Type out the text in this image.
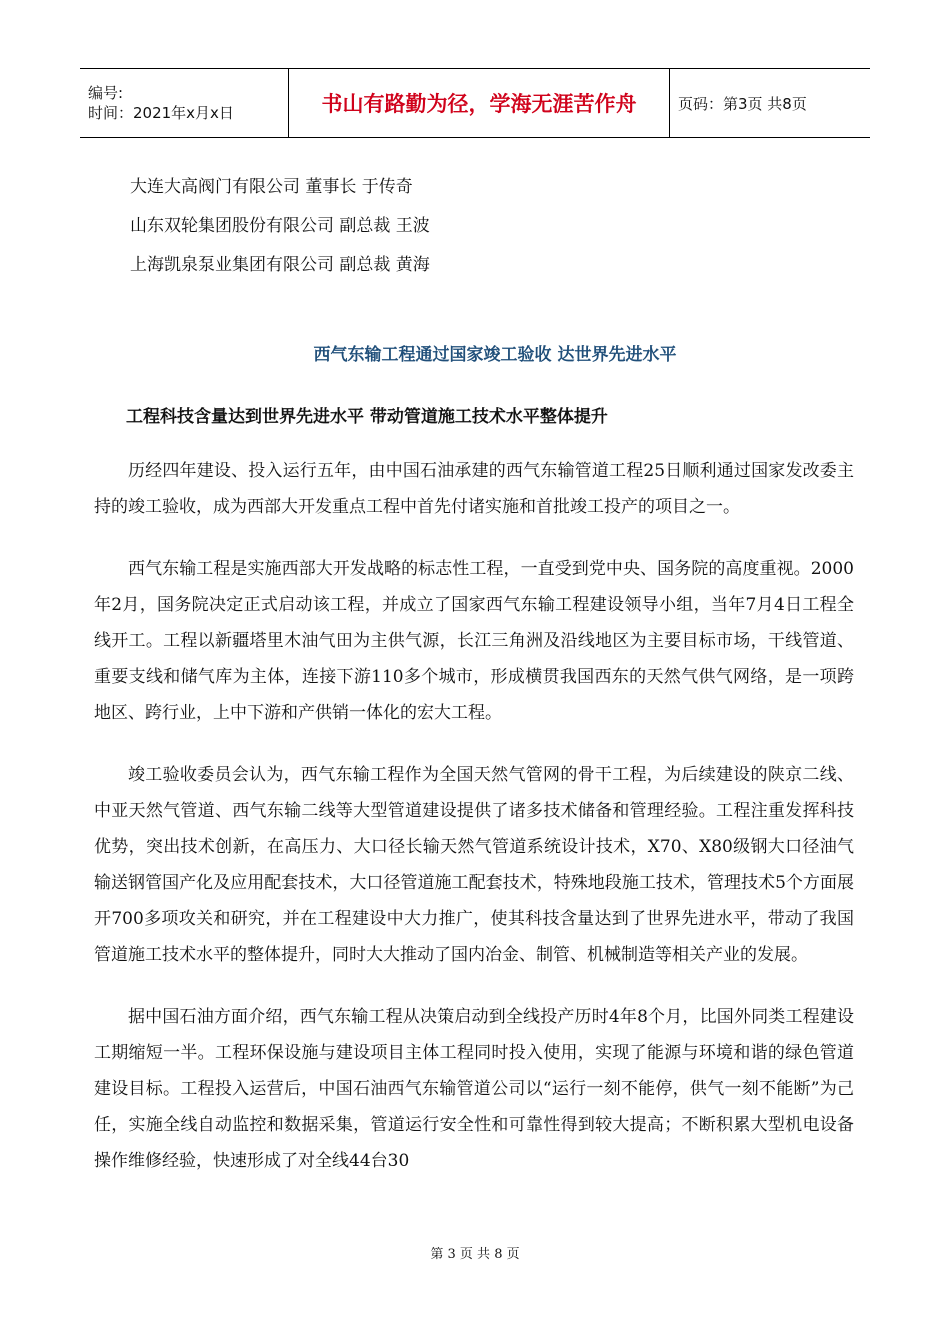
编号:
时间：2021年x月x日	书山有路勤为径，学海无涯苦作舟	页码：第3页 共8页
大连大高阀门有限公司 董事长 于传奇
山东双轮集团股份有限公司 副总裁 王波
上海凯泉泵业集团有限公司 副总裁 黄海
西气东输工程通过国家竣工验收 达世界先进水平
工程科技含量达到世界先进水平 带动管道施工技术水平整体提升

历经四年建设、投入运行五年，由中国石油承建的西气东输管道工程25日顺利通过国家发改委主持的竣工验收，成为西部大开发重点工程中首先付诸实施和首批竣工投产的项目之一。

西气东输工程是实施西部大开发战略的标志性工程，一直受到党中央、国务院的高度重视。2000年2月，国务院决定正式启动该工程，并成立了国家西气东输工程建设领导小组，当年7月4日工程全线开工。工程以新疆塔里木油气田为主供气源，长江三角洲及沿线地区为主要目标市场，干线管道、重要支线和储气库为主体，连接下游110多个城市，形成横贯我国西东的天然气供气网络，是一项跨地区、跨行业，上中下游和产供销一体化的宏大工程。

竣工验收委员会认为，西气东输工程作为全国天然气管网的骨干工程，为后续建设的陕京二线、中亚天然气管道、西气东输二线等大型管道建设提供了诸多技术储备和管理经验。工程注重发挥科技优势，突出技术创新，在高压力、大口径长输天然气管道系统设计技术，X70、X80级钢大口径油气输送钢管国产化及应用配套技术，大口径管道施工配套技术，特殊地段施工技术，管理技术5个方面展开700多项攻关和研究，并在工程建设中大力推广，使其科技含量达到了世界先进水平，带动了我国管道施工技术水平的整体提升，同时大大推动了国内冶金、制管、机械制造等相关产业的发展。

据中国石油方面介绍，西气东输工程从决策启动到全线投产历时4年8个月，比国外同类工程建设工期缩短一半。工程环保设施与建设项目主体工程同时投入使用，实现了能源与环境和谐的绿色管道建设目标。工程投入运营后，中国石油西气东输管道公司以“运行一刻不能停，供气一刻不能断”为己任，实施全线自动监控和数据采集，管道运行安全性和可靠性得到较大提高；不断积累大型机电设备操作维修经验，快速形成了对全线44台30

第 3 页 共 8 页
